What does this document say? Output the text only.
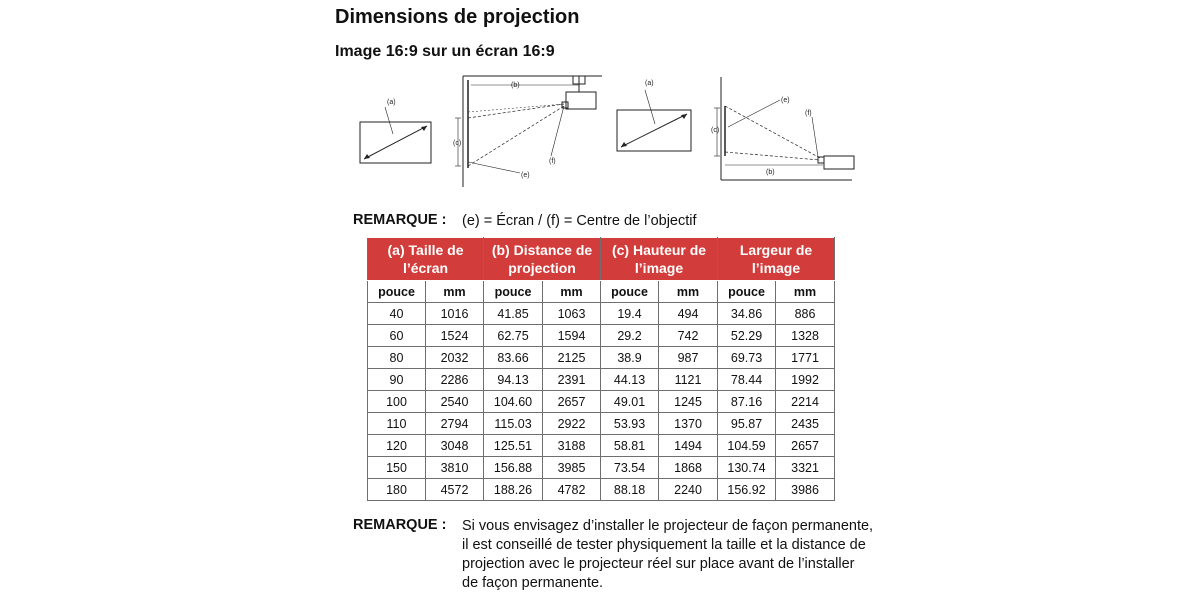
Dimensions de projection
Image 16:9 sur un écran 16:9
(a)
(b)
(c)
(e)
(f)
(a)
(b)
(c)
(e)
(f)
REMARQUE : (e) = Écran / (f) = Centre de l’objectif
(a) Taille de
l’écran		(b) Distance de
projection		(c) Hauteur de
l’image		Largeur de
l’image	
pouce	mm	pouce	mm	pouce	mm	pouce	mm
40	1016	41.85	1063	19.4	494	34.86	886
60	1524	62.75	1594	29.2	742	52.29	1328
80	2032	83.66	2125	38.9	987	69.73	1771
90	2286	94.13	2391	44.13	1121	78.44	1992
100	2540	104.60	2657	49.01	1245	87.16	2214
110	2794	115.03	2922	53.93	1370	95.87	2435
120	3048	125.51	3188	58.81	1494	104.59	2657
150	3810	156.88	3985	73.54	1868	130.74	3321
180	4572	188.26	4782	88.18	2240	156.92	3986
REMARQUE : Si vous envisagez d’installer le projecteur de façon permanente,
il est conseillé de tester physiquement la taille et la distance de
projection avec le projecteur réel sur place avant de l’installer
de façon permanente.
